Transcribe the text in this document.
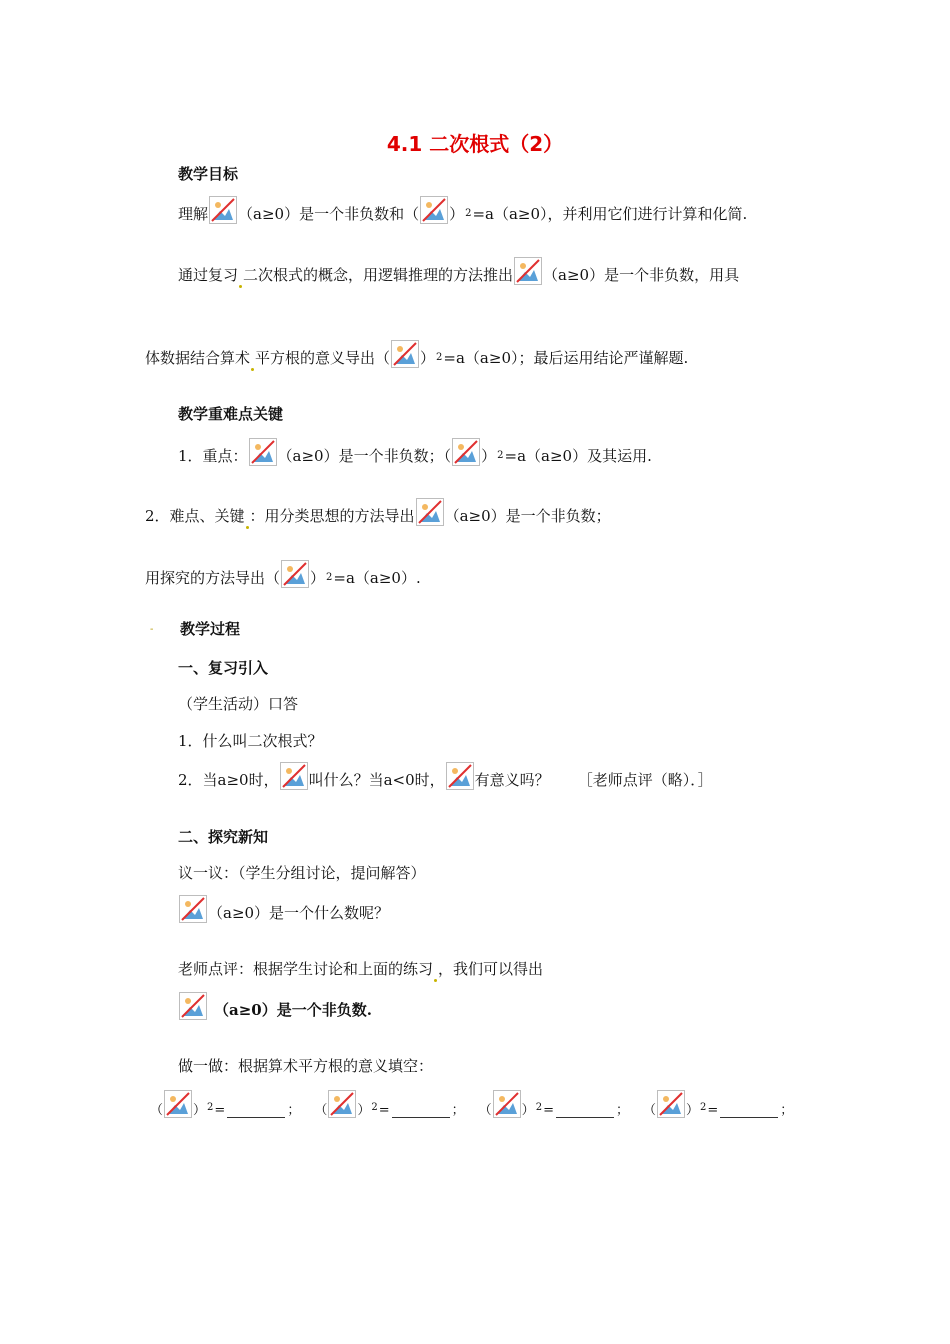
4.1 二次根式（2）
教学目标
理解 （a≥0）是一个非负数和（ ） 2 =a（a≥0），并利用它们进行计算和化简.
通过复习 二次根式的概念，用逻辑推理的方法推出 （a≥0）是一个非负数，用具
体数据结合算术 平方根的意义导出（ ） 2 =a（a≥0）；最后运用结论严谨解题.
教学重难点关键
1．重点： （a≥0）是一个非负数；（ ） 2 =a（a≥0）及其运用.
2．难点、关键 ：用分类思想的方法导出 （a≥0）是一个非负数；
用探究的方法导出（ ） 2 =a（a≥0）.
- 教学过程
一、复习引入
（学生活动）口答
1．什么叫二次根式？
2．当a≥0时， 叫什么？当a<0时， 有意义吗？ ［老师点评（略）．］
二、探究新知
议一议：（学生分组讨论，提问解答）
（a≥0）是一个什么数呢？
老师点评：根据学生讨论和上面的练习 ，我们可以得出
（a≥0）是一个非负数.
做一做：根据算术平方根的意义填空：
（ ） 2 =	； （ ） 2 =	； （ ） 2 =	； （ ） 2 =	；
